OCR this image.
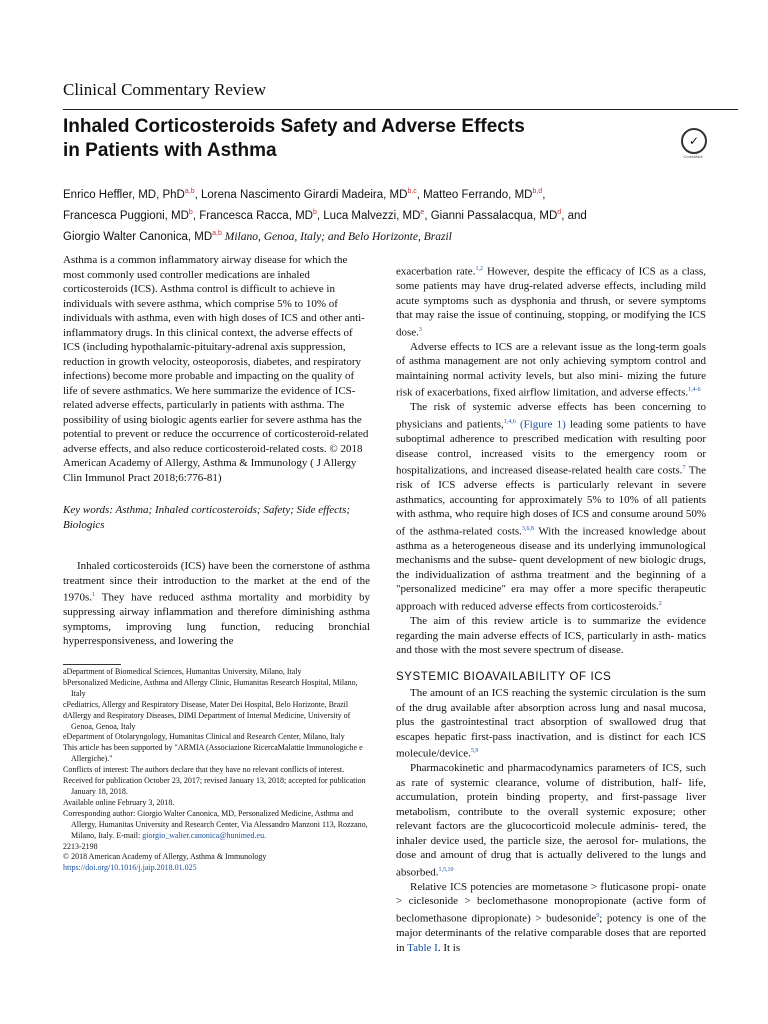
Clinical Commentary Review
Inhaled Corticosteroids Safety and Adverse Effects
in Patients with Asthma	✓
CrossMark
Enrico Heffler, MD, PhD$^{a,b}$, Lorena Nascimento Girardi Madeira, MD$^{b,c}$, Matteo Ferrando, MD$^{b,d}$,
Francesca Puggioni, $MD^b$, Francesca Racca, $MD^b$, Luca Malvezzi, MDe, Gianni Passalacqua, $MD^d$, and
Giorgio Walter Canonica, MD$^{a,b}$ Milano, Genoa, Italy; and Belo Horizonte, Brazil

Asthma is a common inflammatory airway disease for which the most commonly used controller medications are inhaled corticosteroids (ICS). Asthma control is difficult to achieve in individuals with severe asthma, which comprise 5% to 10% of individuals with asthma, even with high doses of ICS and other anti-inflammatory drugs. In this clinical context, the adverse effects of ICS (including hypothalamic-pituitary-adrenal axis suppression, reduction in growth velocity, osteoporosis, diabetes, and respiratory infections) become more probable and impacting on the quality of life of severe asthmatics. We here summarize the evidence of ICS-related adverse effects, particularly in patients with asthma. The possibility of using biologic agents earlier for severe asthma has the potential to prevent or reduce the occurrence of corticosteroid-related adverse effects, and also reduce corticosteroid-related costs. © 2018 American Academy of Allergy, Asthma & Immunology ( J Allergy Clin Immunol Pract 2018;6:776-81)

Key words: Asthma; Inhaled corticosteroids; Safety; Side effects; Biologics

Inhaled corticosteroids (ICS) have been the cornerstone of asthma treatment since their introduction to the market at the end of the 1970s.$^1$ They have reduced asthma mortality and morbidity by suppressing airway inflammation and therefore diminishing asthma symptoms, improving lung function, reducing bronchial hyperresponsiveness, and lowering the

aDepartment of Biomedical Sciences, Humanitas University, Milano, Italy
bPersonalized Medicine, Asthma and Allergy Clinic, Humanitas Research Hospital, Milano, Italy
cPediatrics, Allergy and Respiratory Disease, Mater Dei Hospital, Belo Horizonte, Brazil
dAllergy and Respiratory Diseases, DIMI Department of Internal Medicine, University of Genoa, Genoa, Italy
eDepartment of Otolaryngology, Humanitas Clinical and Research Center, Milano, Italy
This article has been supported by "ARMIA (Associazione RicercaMalattie Immunologiche e Allergiche)."
Conflicts of interest: The authors declare that they have no relevant conflicts of interest.
Received for publication October 23, 2017; revised January 13, 2018; accepted for publication January 18, 2018.
Available online February 3, 2018.
Corresponding author: Giorgio Walter Canonica, MD, Personalized Medicine, Asthma and Allergy, Humanitas University and Research Center, Via Alessandro Manzoni 113, Rozzano, Milano, Italy. E-mail: giorgio_walter.canonica@hunimed.eu.
2213-2198
© 2018 American Academy of Allergy, Asthma & Immunology
https://doi.org/10.1016/j.jaip.2018.01.025

exacerbation rate.$^{1,2}$ However, despite the efficacy of ICS as a class, some patients may have drug-related adverse effects, including mild acute symptoms such as dysphonia and thrush, or severe symptoms that may raise the issue of continuing, stopping, or modifying the ICS dose.$^3$

Adverse effects to ICS are a relevant issue as the long-term goals of asthma management are not only achieving symptom control and maintaining normal activity levels, but also mini- mizing the future risk of exacerbations, fixed airflow limitation, and adverse effects.$^{1,4-6}$

The risk of systemic adverse effects has been concerning to physicians and patients,$^{1,4,6}$ (Figure 1) leading some patients to have suboptimal adherence to prescribed medication with resulting poor disease control, increased visits to the emergency room or hospitalizations, and increased disease-related health care costs.$^7$ The risk of ICS adverse effects is particularly relevant in severe asthmatics, accounting for approximately 5% to 10% of all patients with asthma, who require high doses of ICS and consume around 50% of the asthma-related costs.$^{3,6,8}$ With the increased knowledge about asthma as a heterogeneous disease and its underlying immunological mechanisms and the subse- quent development of new biologic drugs, the individualization of asthma treatment and the beginning of a "personalized medicine" era may offer a more specific therapeutic approach with reduced adverse effects from corticosteroids.$^2$

The aim of this review article is to summarize the evidence regarding the main adverse effects of ICS, particularly in asth- matics and those with the most severe spectrum of disease.

SYSTEMIC BIOAVAILABILITY OF ICS

The amount of an ICS reaching the systemic circulation is the sum of the drug available after absorption across lung and nasal mucosa, plus the gastrointestinal tract absorption of swallowed drug that escapes hepatic first-pass inactivation, and is distinct for each ICS molecule/device.$^{5,9}$

Pharmacokinetic and pharmacodynamics parameters of ICS, such as rate of systemic clearance, volume of distribution, half- life, accumulation, protein binding property, and first-passage liver metabolism, contribute to the overall systemic exposure; other relevant factors are the glucocorticoid molecule adminis- tered, the inhaler device used, the particle size, the aerosol for- mulations, the dose and amount of drug that is actually delivered to the lungs and absorbed.$^{1,5,10}$

Relative ICS potencies are mometasone > fluticasone propi- onate > ciclesonide > beclomethasone monopropionate (active form of beclomethasone dipropionate) > budesonide$^9$; potency is one of the major determinants of the relative comparable doses that are reported in Table I. It is
